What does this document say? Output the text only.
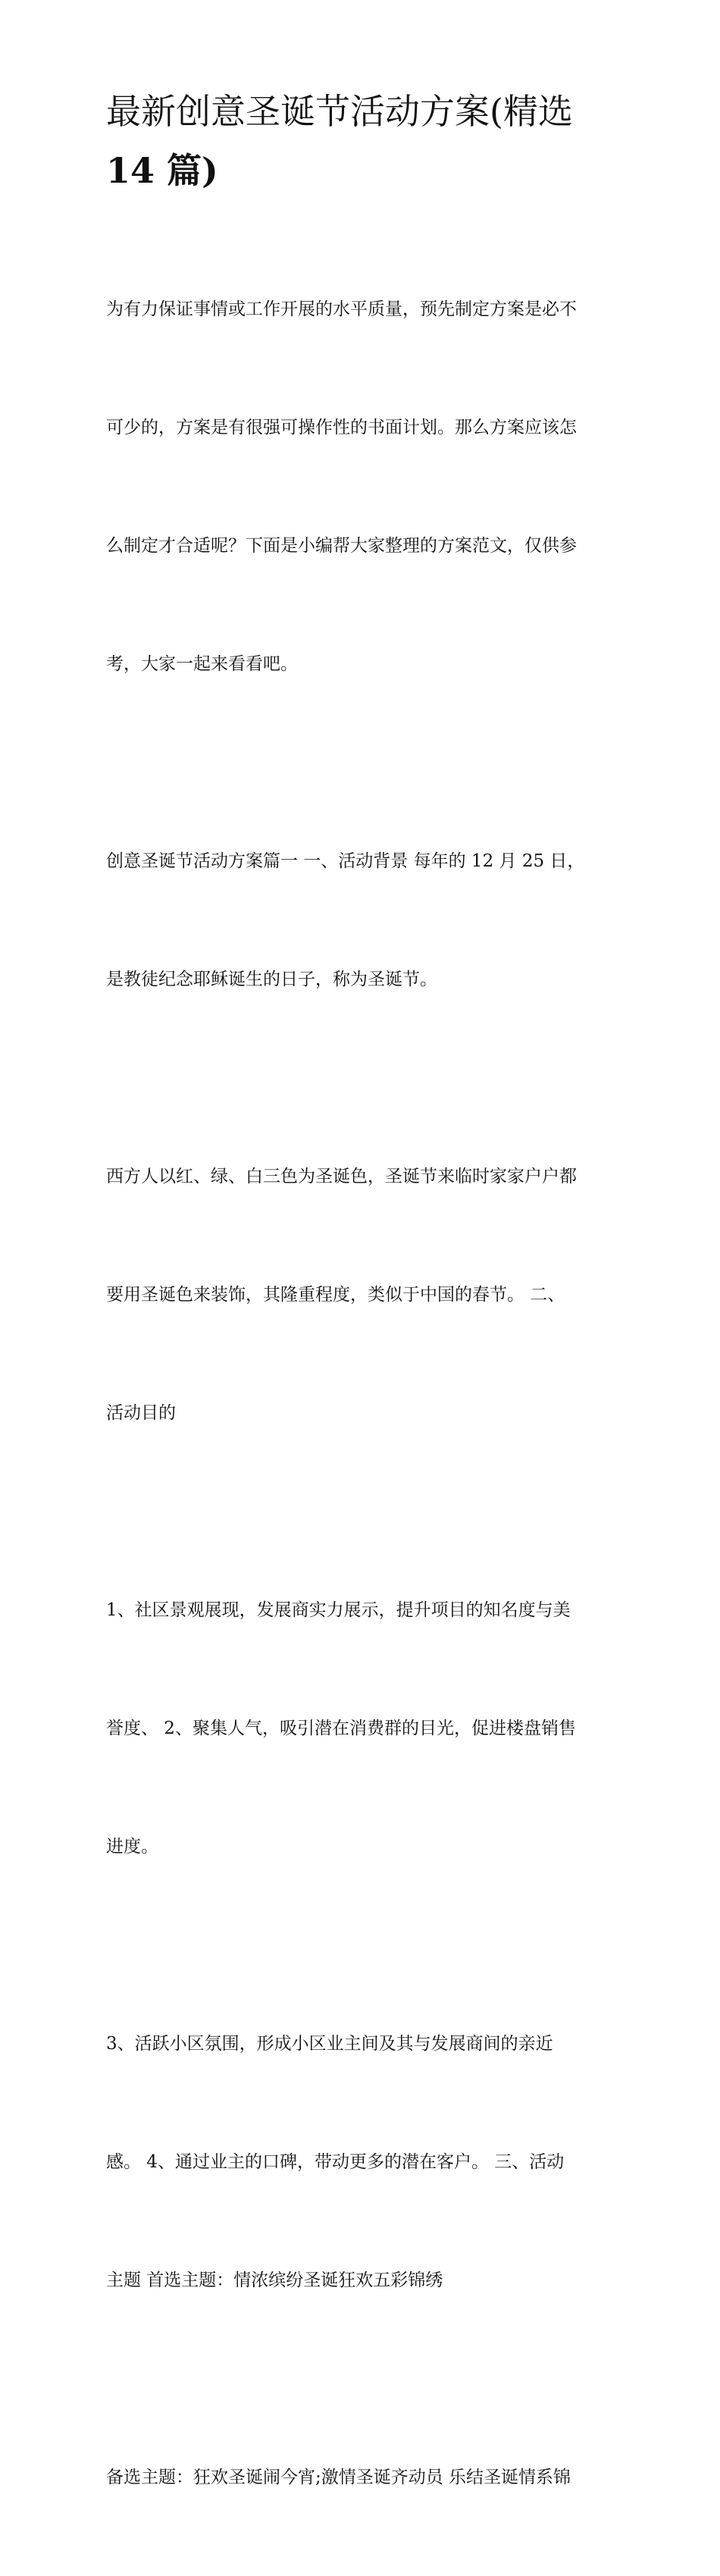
最新创意圣诞节活动方案(精选
14 篇)

为有力保证事情或工作开展的水平质量，预先制定方案是必不

可少的，方案是有很强可操作性的书面计划。那么方案应该怎

么制定才合适呢？下面是小编帮大家整理的方案范文，仅供参

考，大家一起来看看吧。

创意圣诞节活动方案篇一 一、活动背景 每年的 12 月 25 日，

是教徒纪念耶稣诞生的日子，称为圣诞节。

西方人以红、绿、白三色为圣诞色，圣诞节来临时家家户户都

要用圣诞色来装饰，其隆重程度，类似于中国的春节。 二、

活动目的

1、社区景观展现，发展商实力展示，提升项目的知名度与美

誉度、 2、聚集人气，吸引潜在消费群的目光，促进楼盘销售

进度。

3、活跃小区氛围，形成小区业主间及其与发展商间的亲近

感。 4、通过业主的口碑，带动更多的潜在客户。 三、活动

主题 首选主题：情浓缤纷圣诞狂欢五彩锦绣

备选主题：狂欢圣诞闹今宵;激情圣诞齐动员 乐结圣诞情系锦
